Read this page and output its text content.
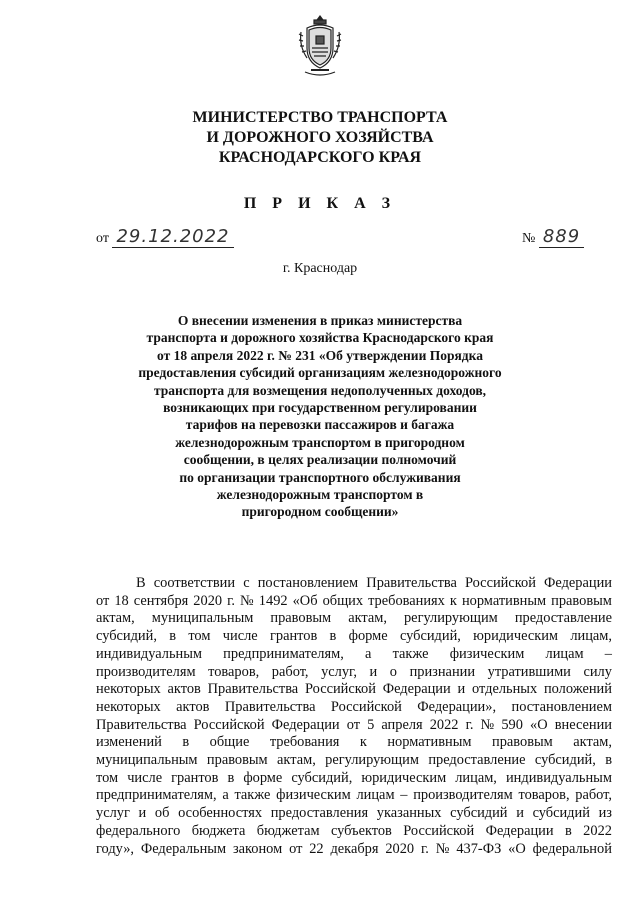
МИНИСТЕРСТВО ТРАНСПОРТА
И ДОРОЖНОГО ХОЗЯЙСТВА
КРАСНОДАРСКОГО КРАЯ
П Р И К А З
от 29.12.2022	№ 889
г. Краснодар
О внесении изменения в приказ министерства
транспорта и дорожного хозяйства Краснодарского края
от 18 апреля 2022 г. № 231 «Об утверждении Порядка
предоставления субсидий организациям железнодорожного
транспорта для возмещения недополученных доходов,
возникающих при государственном регулировании
тарифов на перевозки пассажиров и багажа
железнодорожным транспортом в пригородном
сообщении, в целях реализации полномочий
по организации транспортного обслуживания
железнодорожным транспортом в
пригородном сообщении»
В соответствии с постановлением Правительства Российской Федерации
от 18 сентября 2020 г. № 1492 «Об общих требованиях к нормативным правовым
актам, муниципальным правовым актам, регулирующим предоставление
субсидий, в том числе грантов в форме субсидий, юридическим лицам,
индивидуальным предпринимателям, а также физическим лицам –
производителям товаров, работ, услуг, и о признании утратившими силу
некоторых актов Правительства Российской Федерации и отдельных положений
некоторых актов Правительства Российской Федерации», постановлением
Правительства Российской Федерации от 5 апреля 2022 г. № 590 «О внесении
изменений в общие требования к нормативным правовым актам,
муниципальным правовым актам, регулирующим предоставление субсидий, в
том числе грантов в форме субсидий, юридическим лицам, индивидуальным
предпринимателям, а также физическим лицам – производителям товаров, работ,
услуг и об особенностях предоставления указанных субсидий и субсидий из
федерального бюджета бюджетам субъектов Российской Федерации в 2022
году», Федеральным законом от 22 декабря 2020 г. № 437-ФЗ «О федеральной
